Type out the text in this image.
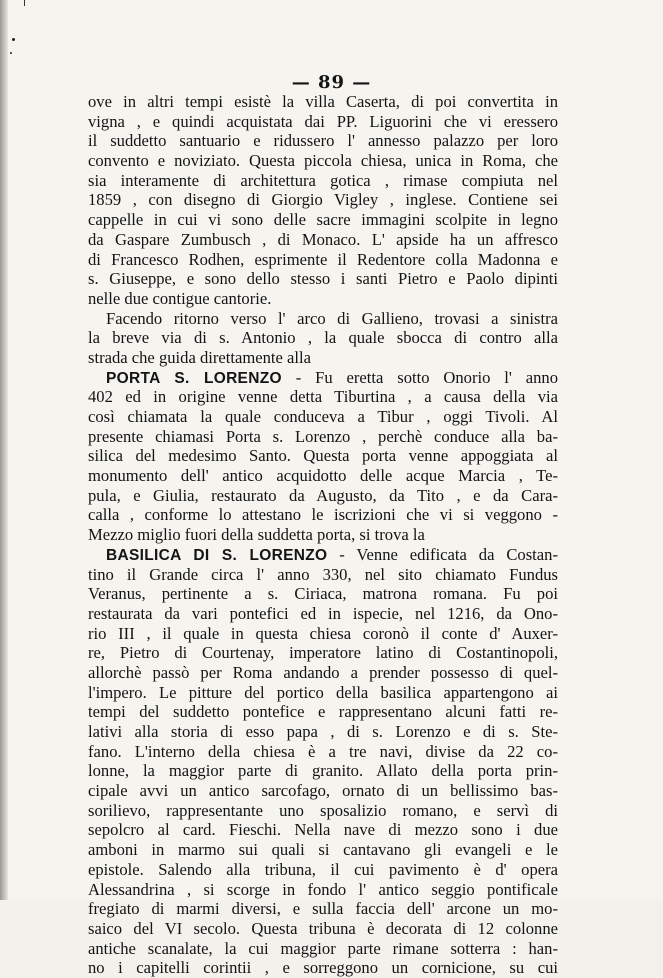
— 89 —
ove in altri tempi esistè la villa Caserta, di poi convertita in
vigna , e quindi acquistata dai PP. Liguorini che vi eressero
il suddetto santuario e ridussero l' annesso palazzo per loro
convento e noviziato. Questa piccola chiesa, unica in Roma, che
sia interamente di architettura gotica , rimase compiuta nel
1859 , con disegno di Giorgio Vigley , inglese. Contiene sei
cappelle in cui vi sono delle sacre immagini scolpite in legno
da Gaspare Zumbusch , di Monaco. L' apside ha un affresco
di Francesco Rodhen, esprimente il Redentore colla Madonna e
s. Giuseppe, e sono dello stesso i santi Pietro e Paolo dipinti
nelle due contigue cantorie.
Facendo ritorno verso l' arco di Gallieno, trovasi a sinistra
la breve via di s. Antonio , la quale sbocca di contro alla
strada che guida direttamente alla
PORTA S. LORENZO - Fu eretta sotto Onorio l' anno
402 ed in origine venne detta Tiburtina , a causa della via
così chiamata la quale conduceva a Tibur , oggi Tivoli. Al
presente chiamasi Porta s. Lorenzo , perchè conduce alla ba-
silica del medesimo Santo. Questa porta venne appoggiata al
monumento dell' antico acquidotto delle acque Marcia , Te-
pula, e Giulia, restaurato da Augusto, da Tito , e da Cara-
calla , conforme lo attestano le iscrizioni che vi si veggono -
Mezzo miglio fuori della suddetta porta, si trova la
BASILICA DI S. LORENZO - Venne edificata da Costan-
tino il Grande circa l' anno 330, nel sito chiamato Fundus
Veranus, pertinente a s. Ciriaca, matrona romana. Fu poi
restaurata da vari pontefici ed in ispecie, nel 1216, da Ono-
rio III , il quale in questa chiesa coronò il conte d' Auxer-
re, Pietro di Courtenay, imperatore latino di Costantinopoli,
allorchè passò per Roma andando a prender possesso di quel-
l'impero. Le pitture del portico della basilica appartengono ai
tempi del suddetto pontefice e rappresentano alcuni fatti re-
lativi alla storia di esso papa , di s. Lorenzo e di s. Ste-
fano. L'interno della chiesa è a tre navi, divise da 22 co-
lonne, la maggior parte di granito. Allato della porta prin-
cipale avvi un antico sarcofago, ornato di un bellissimo bas-
sorilievo, rappresentante uno sposalizio romano, e servì di
sepolcro al card. Fieschi. Nella nave di mezzo sono i due
amboni in marmo sui quali si cantavano gli evangeli e le
epistole. Salendo alla tribuna, il cui pavimento è d' opera
Alessandrina , si scorge in fondo l' antico seggio pontificale
fregiato di marmi diversi, e sulla faccia dell' arcone un mo-
saico del VI secolo. Questa tribuna è decorata di 12 colonne
antiche scanalate, la cui maggior parte rimane sotterra : han-
no i capitelli corintii , e sorreggono un cornicione, su cui
